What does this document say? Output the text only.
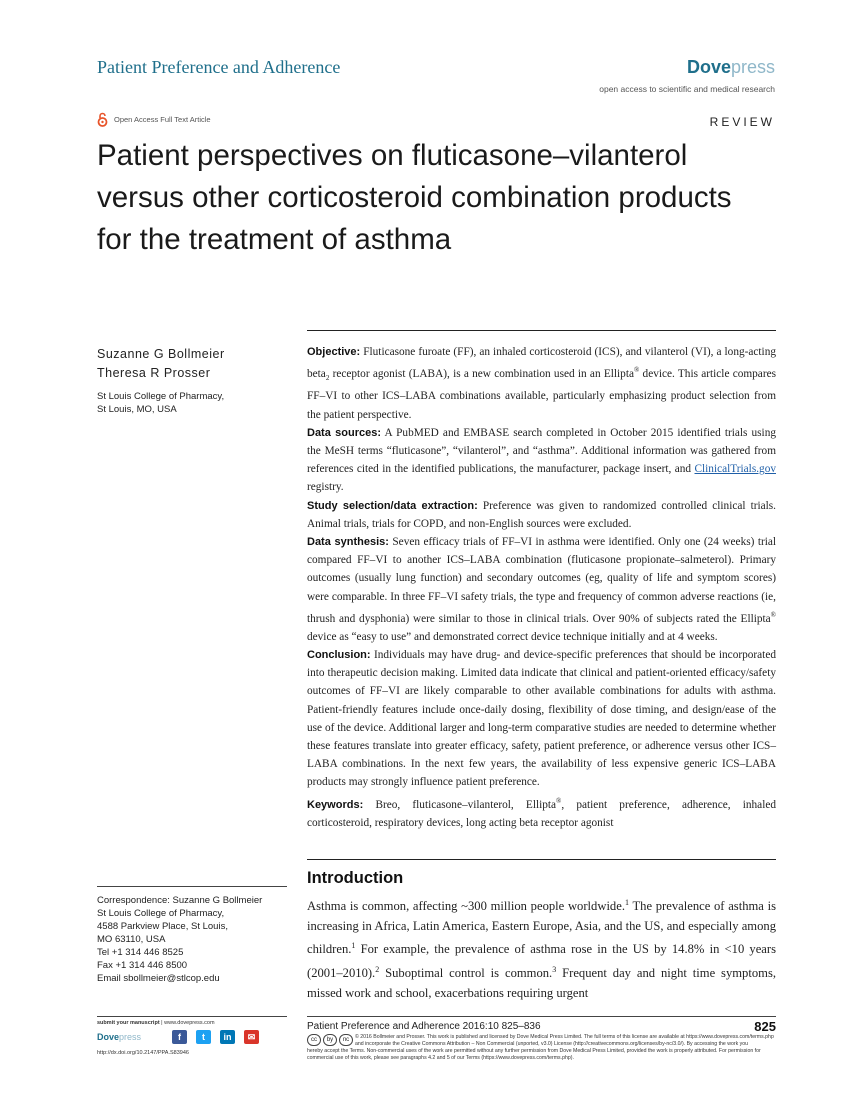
Patient Preference and Adherence	Dovepress
open access to scientific and medical research
Open Access Full Text Article	REVIEW
Patient perspectives on fluticasone–vilanterol
versus other corticosteroid combination products
for the treatment of asthma
Suzanne G Bollmeier
Theresa R Prosser
St Louis College of Pharmacy,
St Louis, MO, USA

Objective: Fluticasone furoate (FF), an inhaled corticosteroid (ICS), and vilanterol (VI), a long-acting beta$_2$ receptor agonist (LABA), is a new combination used in an Ellipta® device. This article compares FF–VI to other ICS–LABA combinations available, particularly emphasizing product selection from the patient perspective.

Data sources: A PubMED and EMBASE search completed in October 2015 identified trials using the MeSH terms “fluticasone”, “vilanterol”, and “asthma”. Additional information was gathered from references cited in the identified publications, the manufacturer, package insert, and ClinicalTrials.gov registry.

Study selection/data extraction: Preference was given to randomized controlled clinical trials. Animal trials, trials for COPD, and non-English sources were excluded.

Data synthesis: Seven efficacy trials of FF–VI in asthma were identified. Only one (24 weeks) trial compared FF–VI to another ICS–LABA combination (fluticasone propionate–salmeterol). Primary outcomes (usually lung function) and secondary outcomes (eg, quality of life and symptom scores) were comparable. In three FF–VI safety trials, the type and frequency of common adverse reactions (ie, thrush and dysphonia) were similar to those in clinical trials. Over 90% of subjects rated the Ellipta® device as “easy to use” and demonstrated correct device technique initially and at 4 weeks.

Conclusion: Individuals may have drug- and device-specific preferences that should be incorporated into therapeutic decision making. Limited data indicate that clinical and patient-oriented efficacy/safety outcomes of FF–VI are likely comparable to other available combinations for adults with asthma. Patient-friendly features include once-daily dosing, flexibility of dose timing, and design/ease of the use of the device. Additional larger and long-term comparative studies are needed to determine whether these features translate into greater efficacy, safety, patient preference, or adherence versus other ICS–LABA combinations. In the next few years, the availability of less expensive generic ICS–LABA products may strongly influence patient preference.

Keywords: Breo, fluticasone–vilanterol, Ellipta®, patient preference, adherence, inhaled corticosteroid, respiratory devices, long acting beta receptor agonist

Introduction
Asthma is common, affecting ~300 million people worldwide.$^1$ The prevalence of asthma is increasing in Africa, Latin America, Eastern Europe, Asia, and the US, and especially among children.$^1$ For example, the prevalence of asthma rose in the US by 14.8% in <10 years (2001–2010).$^2$ Suboptimal control is common.$^3$ Frequent day and night time symptoms, missed work and school, exacerbations requiring urgent
Correspondence: Suzanne G Bollmeier
St Louis College of Pharmacy,
4588 Parkview Place, St Louis,
MO 63110, USA
Tel +1 314 446 8525
Fax +1 314 446 8500
Email sbollmeier@stlcop.edu
submit your manuscript | www.dovepress.com
Dovepress	f	t	in	✉
http://dx.doi.org/10.2147/PPA.S83946
Patient Preference and Adherence 2016:10 825–836	825
cc	by	nc	© 2016 Bollmeier and Prosser. This work is published and licensed by Dove Medical Press Limited. The full terms of this license are available at https://www.dovepress.com/terms.php and incorporate the Creative Commons Attribution – Non Commercial (unported, v3.0) License (http://creativecommons.org/licenses/by-nc/3.0/). By accessing the work you
hereby accept the Terms. Non-commercial uses of the work are permitted without any further permission from Dove Medical Press Limited, provided the work is properly attributed. For permission for commercial use of this work, please see paragraphs 4.2 and 5 of our Terms (https://www.dovepress.com/terms.php).
